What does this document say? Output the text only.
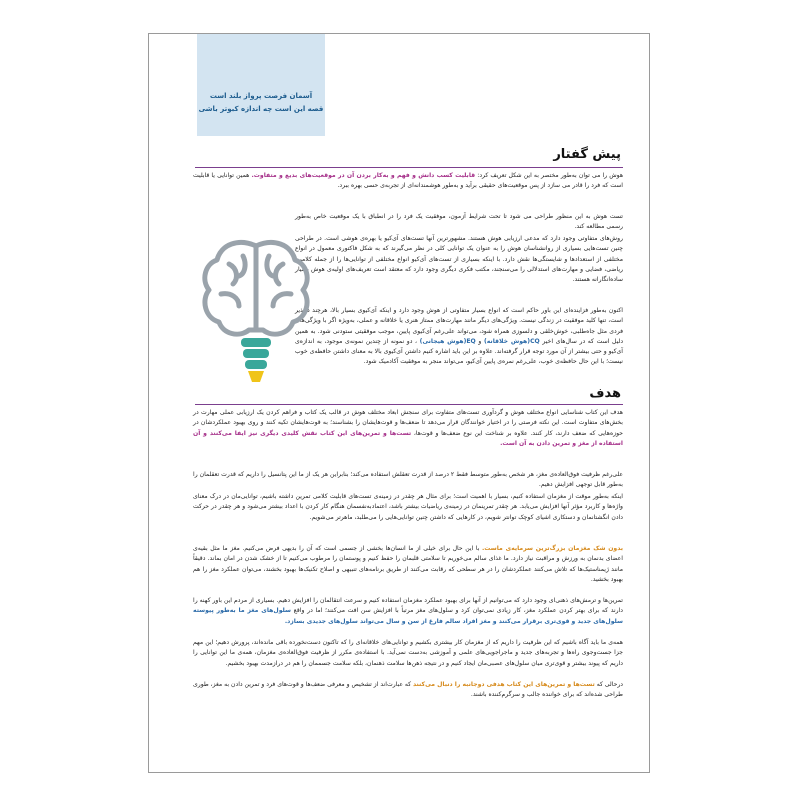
آسمان فرصت پرواز بلند است
قصه این است چه اندازه کبوتر باشی
پیش گفتار
هوش را می توان به‌طور مختصر به این شکل تعریف کرد: قابلیت کسب دانش و فهم و به‌کار بردن آن در موقعیت‌های بدیع و متفاوت. همین توانایی یا قابلیت است که فرد را قادر می سازد از پس موقعیت‌های حقیقی برآید و به‌طور هوشمندانه‌ای از تجربه‌ی حسی بهره ببرد.
تست هوش به این منظور طراحی می شود تا تحت شرایط آزمون، موفقیت یک فرد را در انطباق با یک موقعیت خاص به‌طور رسمی مطالعه کند.
روش‌های متفاوتی وجود دارد که مدعی ارزیابی هوش هستند. مشهورترین آنها تست‌های آی‌کیو یا بهره‌ی هوشی است. در طراحی چنین تست‌هایی بسیاری از روانشناسان هوش را به عنوان یک توانایی کلی در نظر می‌گیرند که به شکل فاکتوری معمول در انواع مختلفی از استعدادها و شایستگی‌ها نقش دارد. با اینکه بسیاری از تست‌های آی‌کیو انواع مختلفی از توانایی‌ها را از جمله کلامی، ریاضی، فضایی و مهارت‌های استدلالی را می‌سنجند، مکتب فکری دیگری وجود دارد که معتقد است تعریف‌های اولیه‌ی هوش بسیار ساده‌انگارانه هستند.
اکنون به‌طور فزاینده‌ای این باور حاکم است که انواع بسیار متفاوتی از هوش وجود دارد و اینکه آی‌کیوی بسیار بالا، هرچند دلپذیر است، تنها کلید موفقیت در زندگی نیست. ویژگی‌های دیگر مانند مهارت‌های ممتاز هنری یا خلاقانه و عملی، به‌ویژه اگر با ویژگی‌های فردی مثل جاه‌طلبی، خوش‌خلقی و دلسوزی همراه شود، می‌تواند علی‌رغم آی‌کیوی پایین، موجب موفقیتی ستودنی شود. به همین دلیل است که در سال‌های اخیر CQ(هوش خلاقانه) و EQ(هوش هیجانی) ، دو نمونه از چندین نمونه‌ی موجود، به اندازه‌ی آی‌کیو و حتی بیشتر از آن مورد توجه قرار گرفته‌اند. علاوه بر این باید اشاره کنیم داشتن آی‌کیوی بالا به معنای داشتن حافظه‌ی خوب نیست؛ با این حال حافظه‌ی خوب، علی‌رغم نمره‌ی پایین آی‌کیو، می‌تواند منجر به موفقیت آکادمیک شود.
هدف
هدف این کتاب شناسایی انواع مختلف هوش و گردآوری تست‌های متفاوت برای سنجش ابعاد مختلف هوش در قالب یک کتاب و فراهم کردن یک ارزیابی عملی مهارت در بخش‌های متفاوت است. این نکته فرصتی را در اختیار خوانندگان قرار می‌دهد تا ضعف‌ها و قوت‌هایشان را بشناسند؛ به قوت‌هایشان تکیه کنند و روی بهبود عملکردشان در حوزه‌هایی که ضعف دارند، کار کنند. علاوه بر شناخت این نوع ضعف‌ها و قوت‌ها، تست‌ها و تمرین‌های این کتاب نقش کلیدی دیگری نیز ایفا می‌کنند و آن استفاده از مغز و تمرین دادن به آن است.
علی‌رغم ظرفیت فوق‌العاده‌ی مغز، هر شخص به‌طور متوسط فقط ۲ درصد از قدرت تعقلش استفاده می‌کند؛ بنابراین هر یک از ما این پتانسیل را داریم که قدرت تعقلمان را به‌طور قابل توجهی افزایش دهیم.
اینکه به‌طور موقت از مغزمان استفاده کنیم، بسیار با اهمیت است؛ برای مثال هر چقدر در زمینه‌ی تست‌های قابلیت کلامی تمرین داشته باشیم، توانایی‌مان در درک معنای واژه‌ها و کاربرد مؤثر آنها افزایش می‌یابد. هر چقدر تمرینمان در زمینه‌ی ریاضیات بیشتر باشد، اعتمادبه‌نفسمان هنگام کار کردن با اعداد بیشتر می‌شود و هر چقدر در حرکت دادن انگشتانمان و دستکاری اشیای کوچک توانتر شویم، در کارهایی که داشتن چنین توانایی‌هایی را می‌طلبد، ماهرتر می‌شویم.
بدون شک مغزمان بزرگ‌ترین سرمایه‌ی ماست. با این حال برای خیلی از ما انسان‌ها بخشی از جسمی است که آن را بدیهی فرض می‌کنیم. مغز ما مثل بقیه‌ی اعضای بدنمان به ورزش و مراقبت نیاز دارد. ما غذای سالم می‌خوریم تا سلامتی قلبمان را حفظ کنیم و پوستمان را مرطوب می‌کنیم تا از خشک شدن در امان بماند. دقیقاً مانند ژیمناستیک‌ها که تلاش می‌کنند عملکردشان را در هر سطحی که رقابت می‌کنند از طریق برنامه‌های تنبیهی و اصلاح تکنیک‌ها بهبود بخشند، می‌توان عملکرد مغز را هم بهبود بخشید.
تمرین‌ها و ترمش‌های ذهنی‌ای وجود دارد که می‌توانیم از آنها برای بهبود عملکرد مغزمان استفاده کنیم و سرعت انتقالمان را افزایش دهیم. بسیاری از مردم این باور کهنه را دارند که برای بهتر کردن عملکرد مغز، کار زیادی نمی‌توان کرد و سلول‌های مغز مرتباً با افزایش سن افت می‌کنند؛ اما در واقع سلول‌های مغز ما به‌طور پیوسته سلول‌های جدید و قوی‌تری برقرار می‌کنند و مغز افراد سالم فارغ از سن و سال می‌تواند سلول‌های جدیدی بسازد.
همه‌ی ما باید آگاه باشیم که این ظرفیت را داریم که از مغزمان کار بیشتری بکشیم و توانایی‌های خلاقانه‌ای را که تاکنون دست‌نخورده باقی مانده‌اند، پرورش دهیم؛ این مهم جزا جست‌وجوی راه‌ها و تجربه‌های جدید و ماجراجویی‌های علمی و آموزشی به‌دست نمی‌آید. با استفاده‌ی مکرر از ظرفیت فوق‌العاده‌ی مغزمان، همه‌ی ما این توانایی را داریم که پیوند بیشتر و قوی‌تری میان سلول‌های عصبی‌مان ایجاد کنیم و در نتیجه ذهن‌ها سلامت ذهنمان، بلکه سلامت جسممان را هم در درازمدت بهبود بخشیم.
درحالی که تست‌ها و تمرین‌های این کتاب هدفی دوجانبه را دنبال می‌کنند که عبارت‌اند از تشخیص و معرفی ضعف‌ها و قوت‌های فرد و تمرین دادن به مغز، طوری طراحی شده‌اند که برای خواننده جالب و سرگرم‌کننده باشند.
